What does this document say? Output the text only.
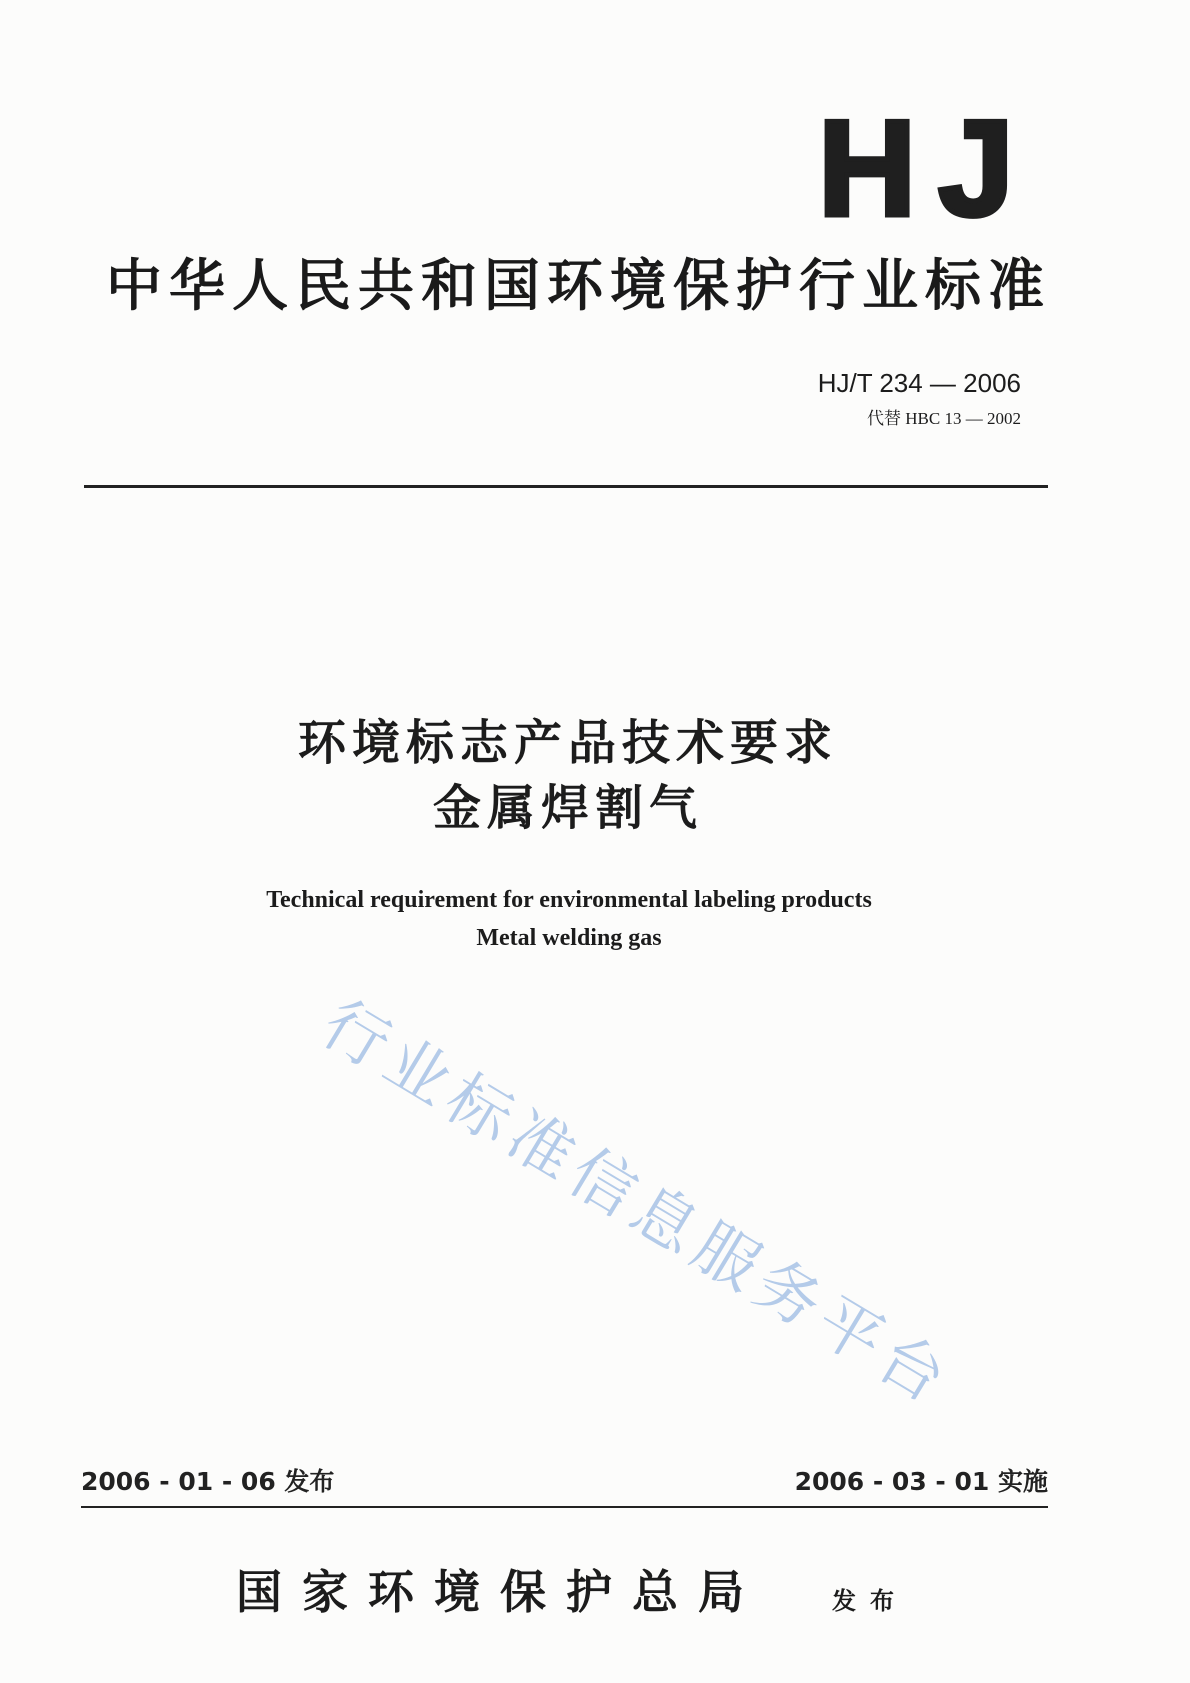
HJ
中华人民共和国环境保护行业标准
HJ/T 234 — 2006
代替 HBC 13 — 2002
环境标志产品技术要求
金属焊割气
Technical requirement for environmental labeling products
Metal welding gas
行业标准信息服务平台
2006 - 01 - 06 发布	2006 - 03 - 01 实施
国家环境保护总局	发布
